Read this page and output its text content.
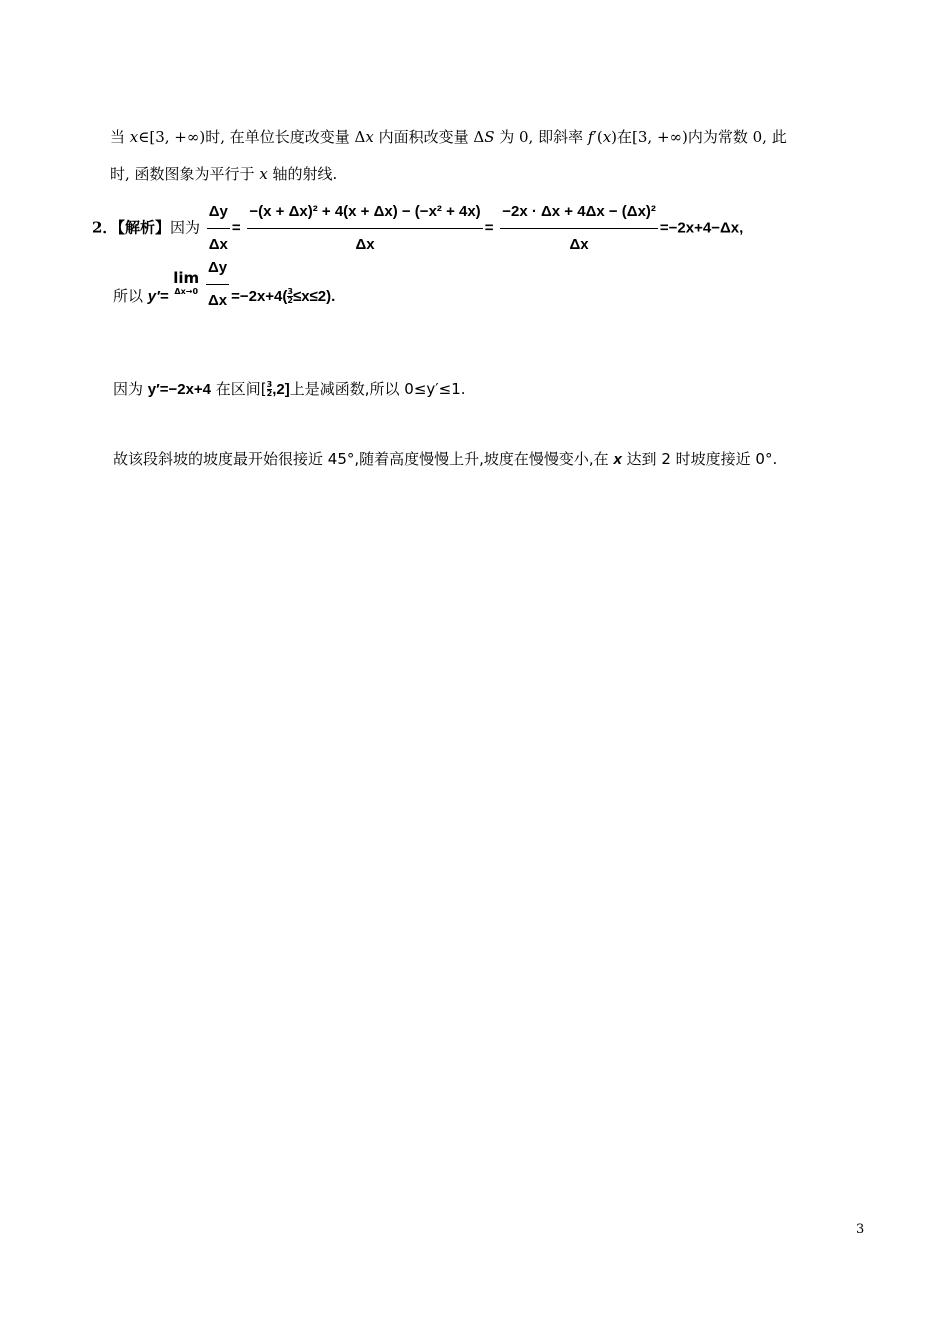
当 x∈[3, +∞)时, 在单位长度改变量 Δx 内面积改变量 ΔS 为 0, 即斜率 f′(x)在[3, +∞)内为常数 0, 此
时, 函数图象为平行于 x 轴的射线.
2．【解析】因为 $\frac{\Delta y}{\Delta x} = \frac{\text{−(x + Δx)² + 4(x + Δx) − (−x² + 4x)}}{\Delta x} = \frac{\text{−2x · Δx + 4Δx − (Δx)²}}{\Delta x} =-2x+4-\Delta x$,
所以 y′=
lim
Δx→0
$\frac{\Delta y}{\Delta x} =-2x+4( \frac{3}{2} \le x\le 2)$.
因为 y′=−2x+4 在区间[ $\frac{3}{2} ,2$]上是减函数,所以 0≤y′≤1.
故该段斜坡的坡度最开始很接近 45°,随着高度慢慢上升,坡度在慢慢变小,在 x 达到 2 时坡度接近 0°.
3
